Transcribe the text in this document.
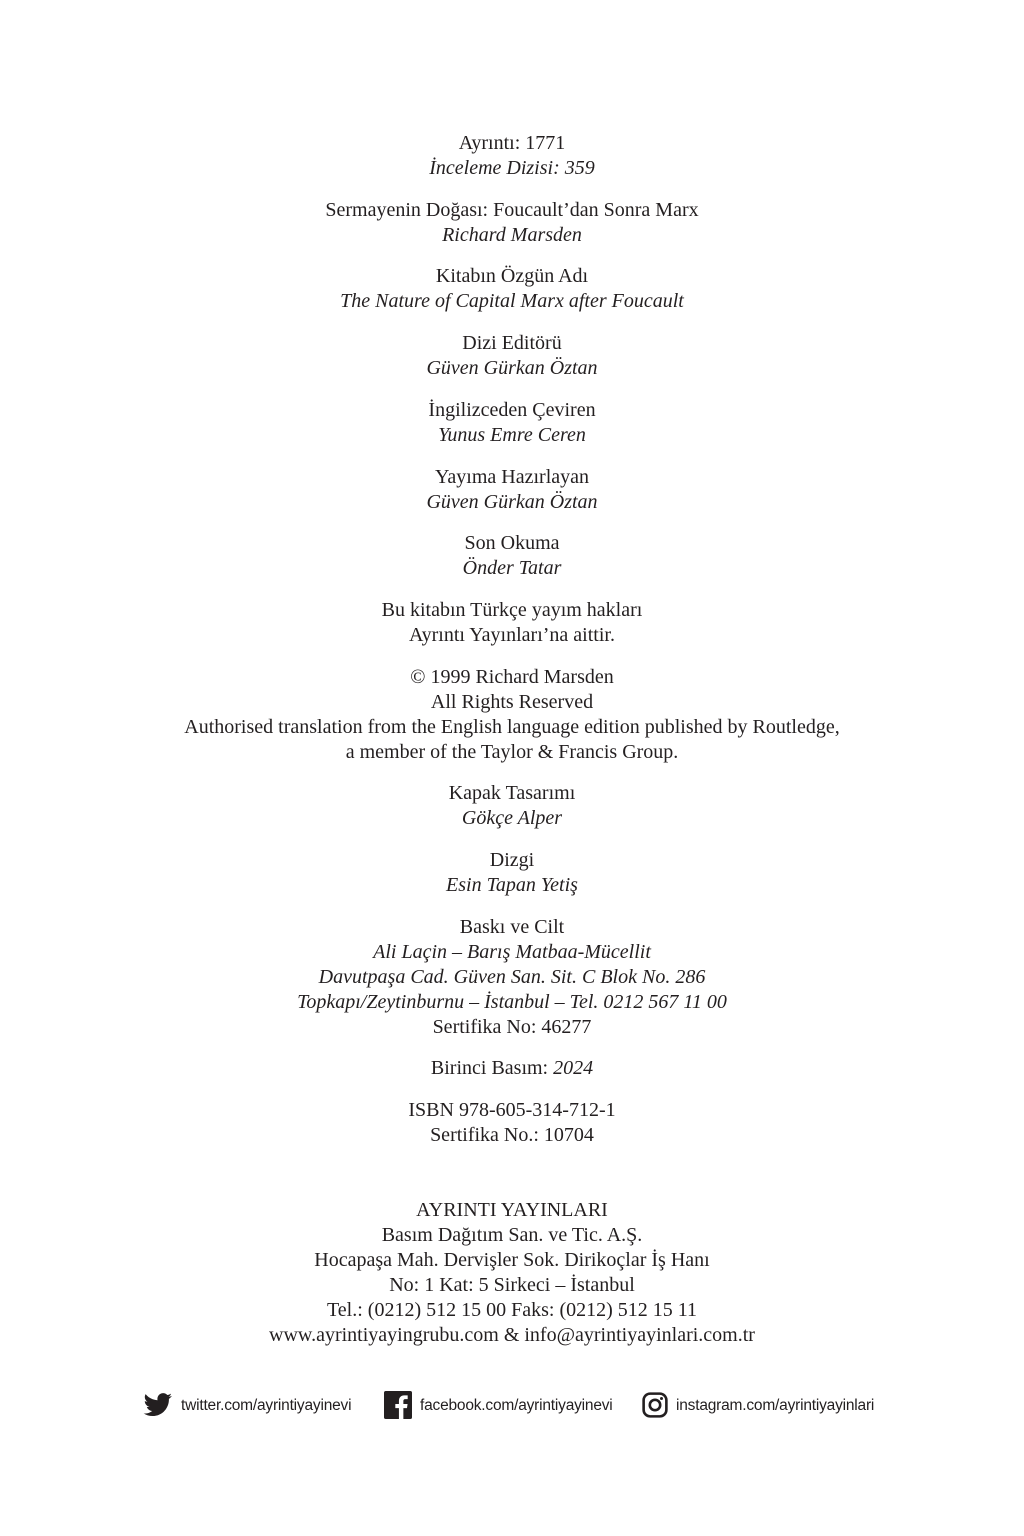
Ayrıntı: 1771
İnceleme Dizisi: 359
Sermayenin Doğası: Foucault’dan Sonra Marx
Richard Marsden
Kitabın Özgün Adı
The Nature of Capital Marx after Foucault
Dizi Editörü
Güven Gürkan Öztan
İngilizceden Çeviren
Yunus Emre Ceren
Yayıma Hazırlayan
Güven Gürkan Öztan
Son Okuma
Önder Tatar
Bu kitabın Türkçe yayım hakları
Ayrıntı Yayınları’na aittir.
© 1999 Richard Marsden
All Rights Reserved
Authorised translation from the English language edition published by Routledge,
a member of the Taylor & Francis Group.
Kapak Tasarımı
Gökçe Alper
Dizgi
Esin Tapan Yetiş
Baskı ve Cilt
Ali Laçin – Barış Matbaa-Mücellit
Davutpaşa Cad. Güven San. Sit. C Blok No. 286
Topkapı/Zeytinburnu – İstanbul – Tel. 0212 567 11 00
Sertifika No: 46277
Birinci Basım: 2024
ISBN 978-605-314-712-1
Sertifika No.: 10704
AYRINTI YAYINLARI
Basım Dağıtım San. ve Tic. A.Ş.
Hocapaşa Mah. Dervişler Sok. Dirikoçlar İş Hanı
No: 1 Kat: 5 Sirkeci – İstanbul
Tel.: (0212) 512 15 00 Faks: (0212) 512 15 11
www.ayrintiyayingrubu.com & info@ayrintiyayinlari.com.tr
twitter.com/ayrintiyayinevi	facebook.com/ayrintiyayinevi	instagram.com/ayrintiyayinlari
